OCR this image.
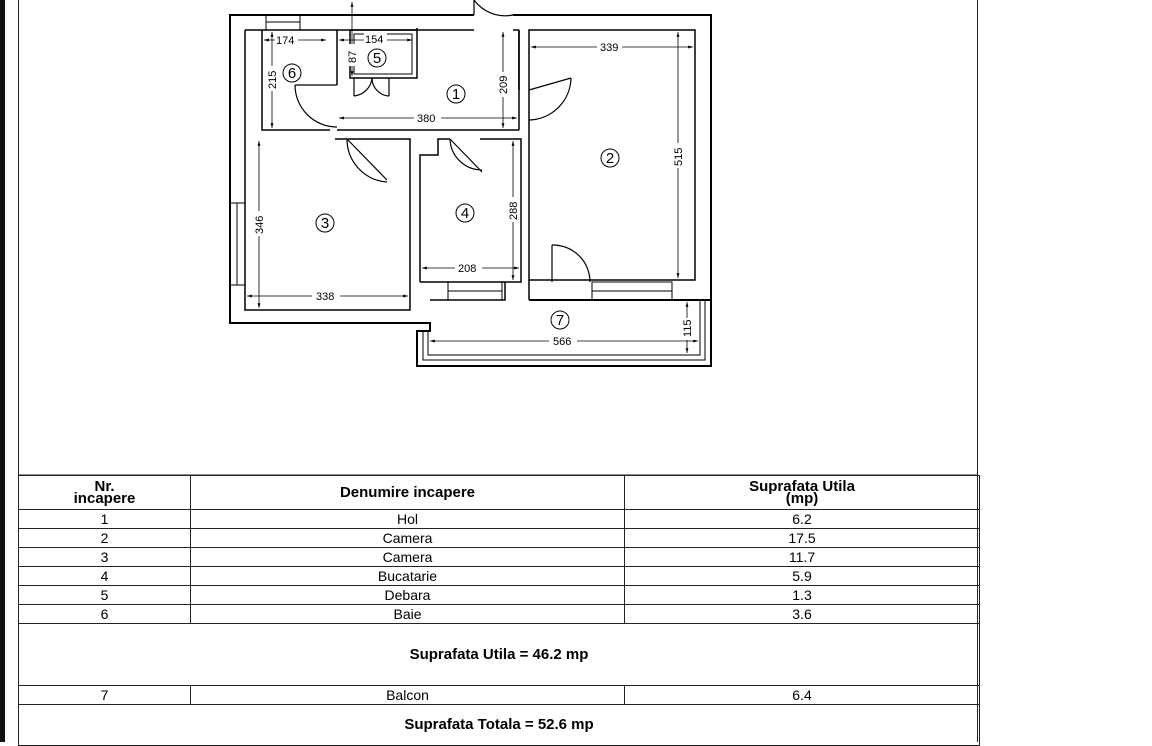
174	154
339
380
338
208
566
215
87
209
515
346
288
115
1
2
3
4
5
6
7
Nr.
incapere	Denumire incapere	Suprafata Utila
(mp)

1	Hol	6.2
2	Camera	17.5
3	Camera	11.7
4	Bucatarie	5.9
5	Debara	1.3
6	Baie	3.6
Suprafata Utila = 46.2 mp		
7	Balcon	6.4
Suprafata Totala = 52.6 mp		
